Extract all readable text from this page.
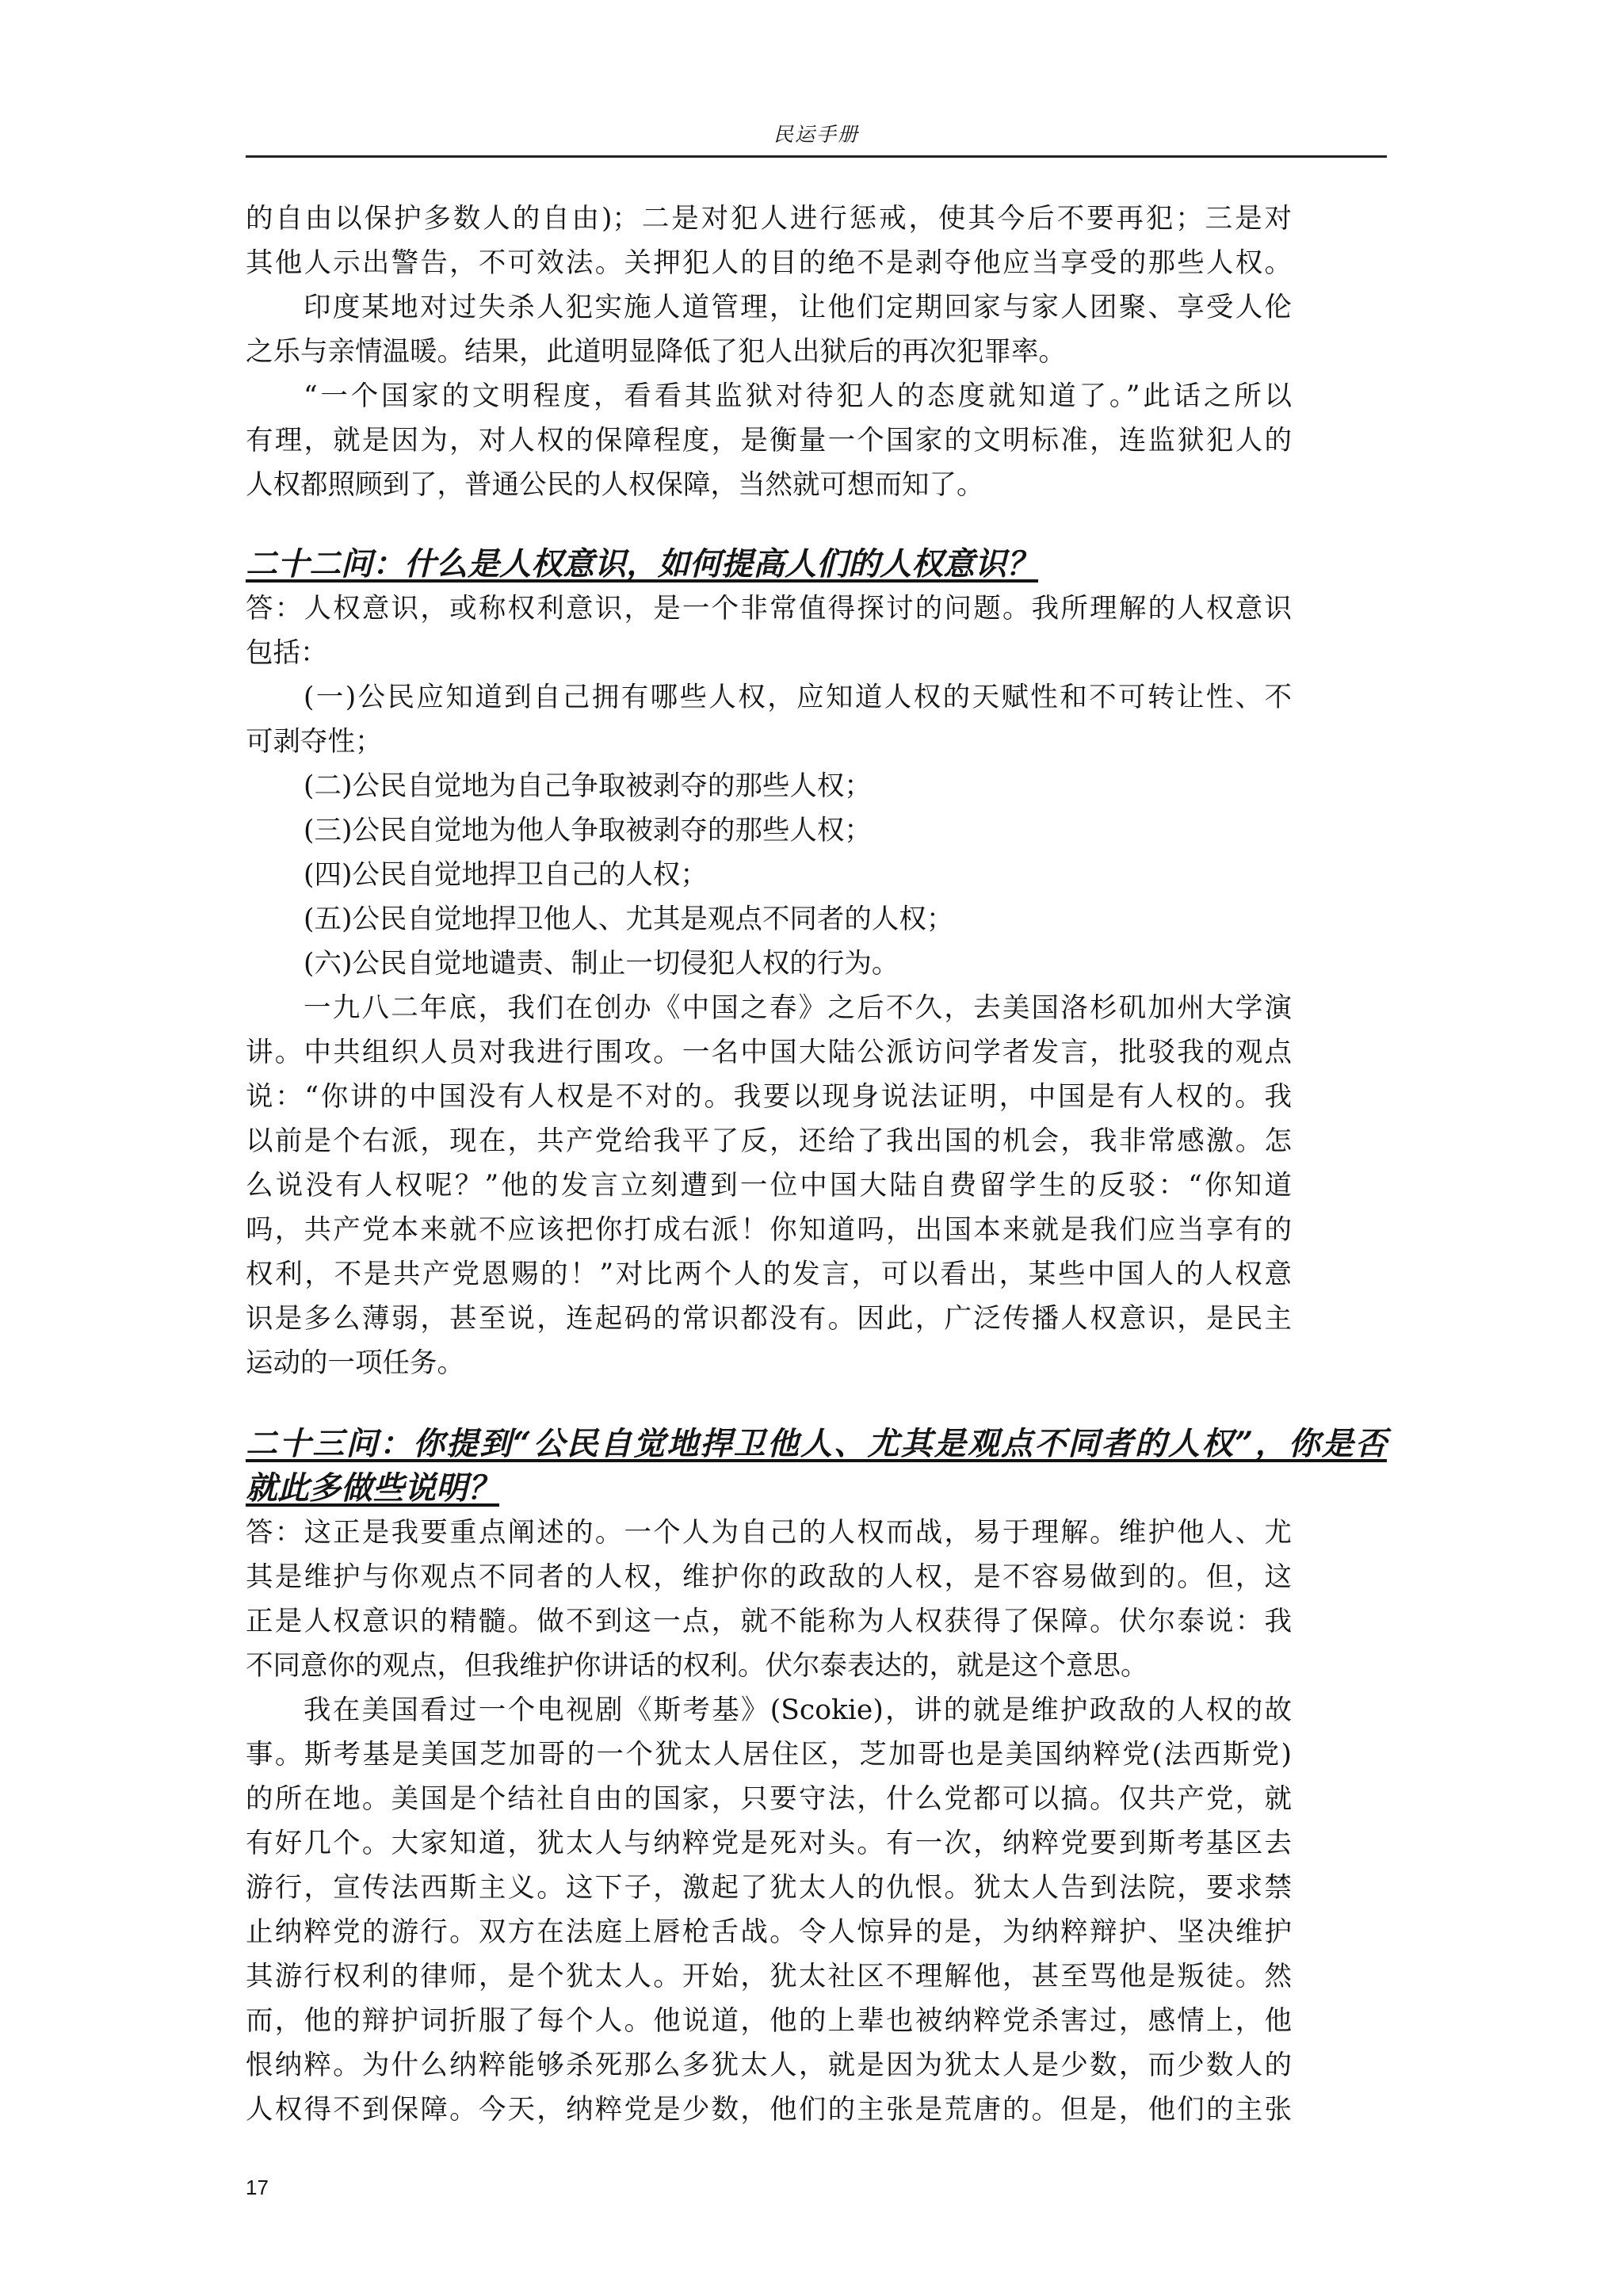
民运手册
的自由以保护多数人的自由)；二是对犯人进行惩戒，使其今后不要再犯；三是对
其他人示出警告，不可效法。关押犯人的目的绝不是剥夺他应当享受的那些人权。
印度某地对过失杀人犯实施人道管理，让他们定期回家与家人团聚、享受人伦
之乐与亲情温暖。结果，此道明显降低了犯人出狱后的再次犯罪率。
“一个国家的文明程度，看看其监狱对待犯人的态度就知道了。”此话之所以
有理，就是因为，对人权的保障程度，是衡量一个国家的文明标准，连监狱犯人的
人权都照顾到了，普通公民的人权保障，当然就可想而知了。
二十二问：什么是人权意识，如何提高人们的人权意识？
答：人权意识，或称权利意识，是一个非常值得探讨的问题。我所理解的人权意识
包括：
(一)公民应知道到自己拥有哪些人权，应知道人权的天赋性和不可转让性、不
可剥夺性；
(二)公民自觉地为自己争取被剥夺的那些人权；
(三)公民自觉地为他人争取被剥夺的那些人权；
(四)公民自觉地捍卫自己的人权；
(五)公民自觉地捍卫他人、尤其是观点不同者的人权；
(六)公民自觉地谴责、制止一切侵犯人权的行为。
一九八二年底，我们在创办《中国之春》之后不久，去美国洛杉矶加州大学演
讲。中共组织人员对我进行围攻。一名中国大陆公派访问学者发言，批驳我的观点
说：“你讲的中国没有人权是不对的。我要以现身说法证明，中国是有人权的。我
以前是个右派，现在，共产党给我平了反，还给了我出国的机会，我非常感激。怎
么说没有人权呢？”他的发言立刻遭到一位中国大陆自费留学生的反驳：“你知道
吗，共产党本来就不应该把你打成右派！你知道吗，出国本来就是我们应当享有的
权利，不是共产党恩赐的！”对比两个人的发言，可以看出，某些中国人的人权意
识是多么薄弱，甚至说，连起码的常识都没有。因此，广泛传播人权意识，是民主
运动的一项任务。
二十三问：你提到“公民自觉地捍卫他人、尤其是观点不同者的人权”，你是否
就此多做些说明？
答：这正是我要重点阐述的。一个人为自己的人权而战，易于理解。维护他人、尤
其是维护与你观点不同者的人权，维护你的政敌的人权，是不容易做到的。但，这
正是人权意识的精髓。做不到这一点，就不能称为人权获得了保障。伏尔泰说：我
不同意你的观点，但我维护你讲话的权利。伏尔泰表达的，就是这个意思。
我在美国看过一个电视剧《斯考基》(Scokie)，讲的就是维护政敌的人权的故
事。斯考基是美国芝加哥的一个犹太人居住区，芝加哥也是美国纳粹党(法西斯党)
的所在地。美国是个结社自由的国家，只要守法，什么党都可以搞。仅共产党，就
有好几个。大家知道，犹太人与纳粹党是死对头。有一次，纳粹党要到斯考基区去
游行，宣传法西斯主义。这下子，激起了犹太人的仇恨。犹太人告到法院，要求禁
止纳粹党的游行。双方在法庭上唇枪舌战。令人惊异的是，为纳粹辩护、坚决维护
其游行权利的律师，是个犹太人。开始，犹太社区不理解他，甚至骂他是叛徒。然
而，他的辩护词折服了每个人。他说道，他的上辈也被纳粹党杀害过，感情上，他
恨纳粹。为什么纳粹能够杀死那么多犹太人，就是因为犹太人是少数，而少数人的
人权得不到保障。今天，纳粹党是少数，他们的主张是荒唐的。但是，他们的主张
17
